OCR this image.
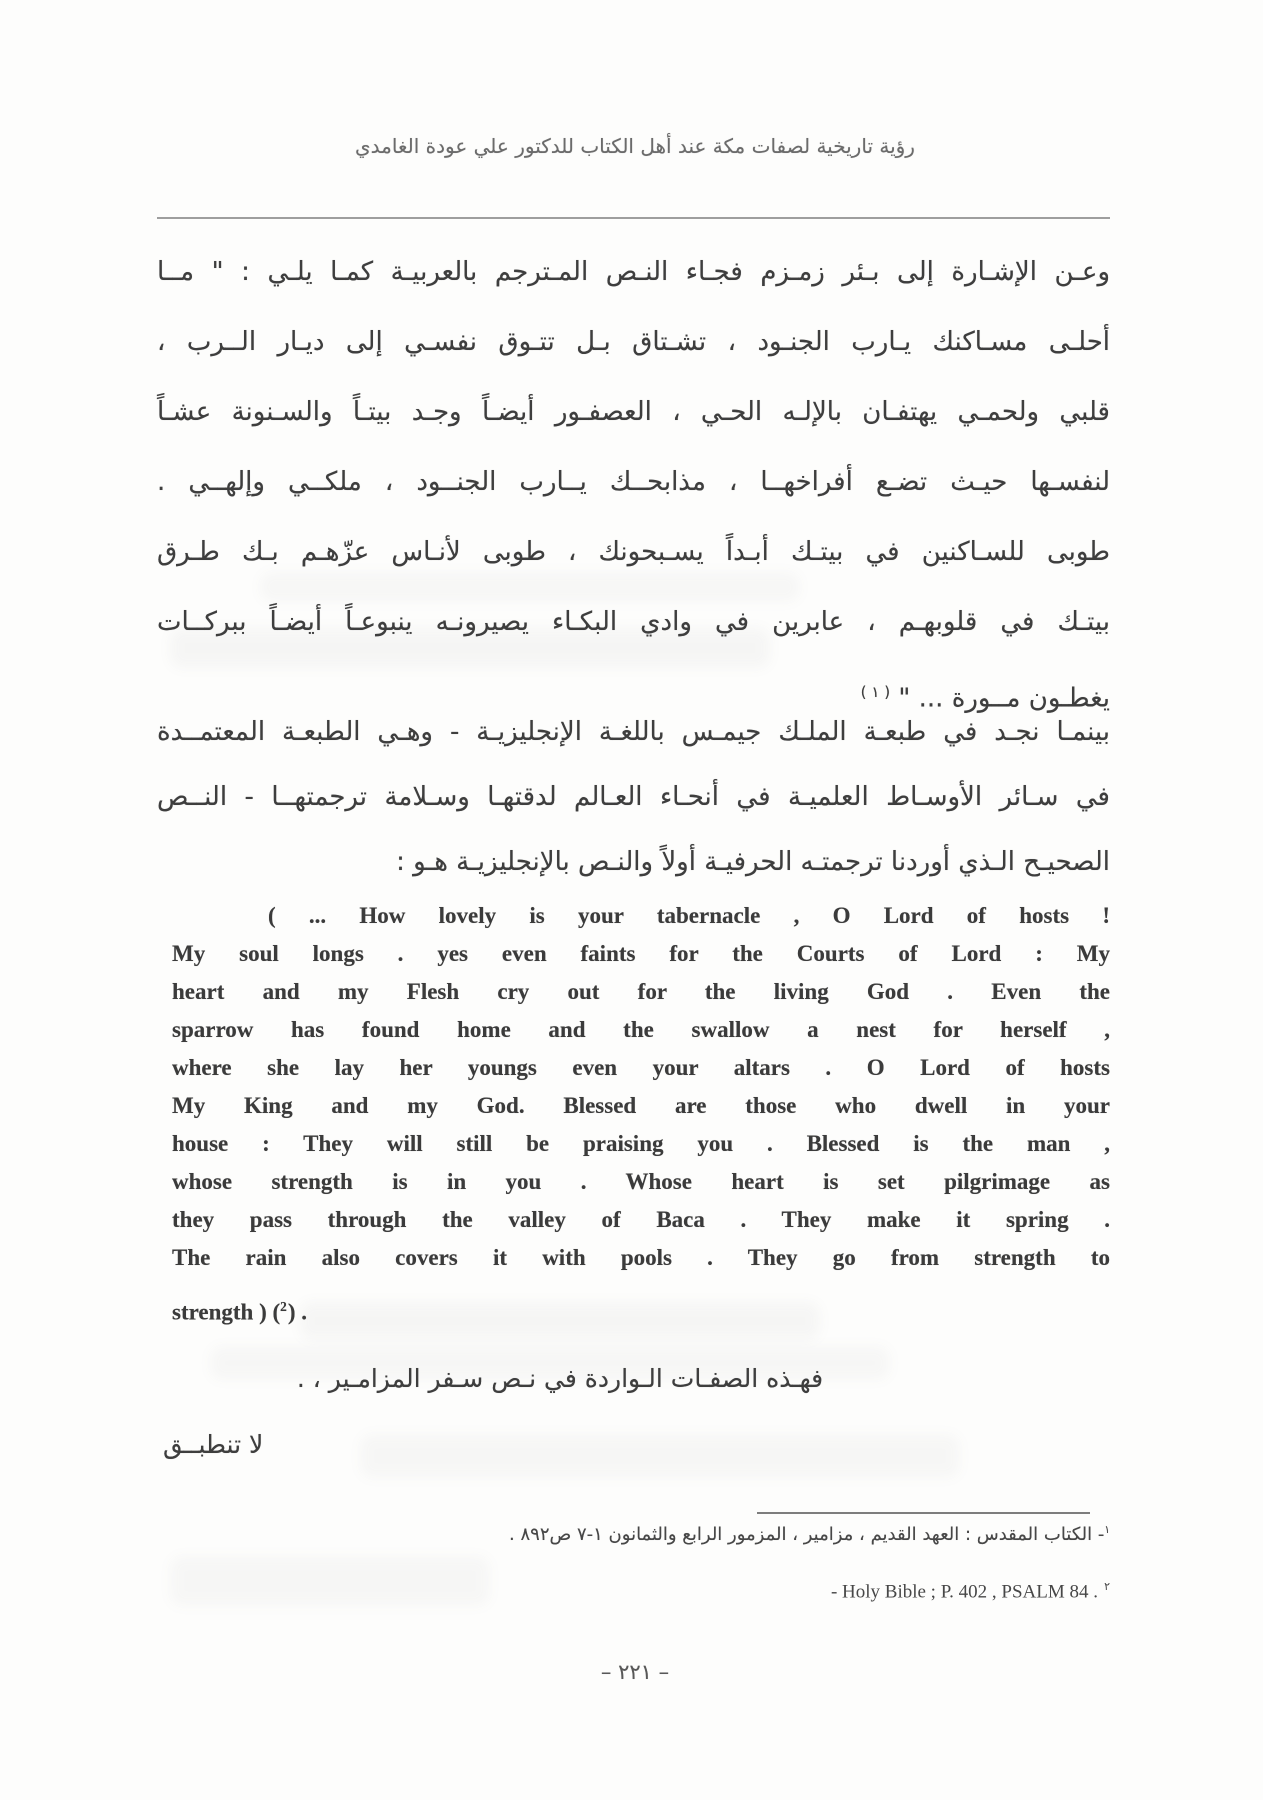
رؤية تاريخية لصفات مكة عند أهل الكتاب للدكتور علي عودة الغامدي
وعـن الإشـارة إلى بـئر زمـزم فجـاء النـص المـترجم بالعربيـة كمـا يلـي : " مــا
أحلـى مسـاكنك يـارب الجنـود ، تشـتاق بـل تتـوق نفسـي إلى ديـار الــرب ،
قلبي ولحمـي يهتفـان بالإلـه الحـي ، العصفـور أيضـاً وجـد بيتـاً والسـنونة عشـاً
لنفسـها حيـث تضـع أفراخهــا ، مذابحــك يــارب الجنــود ، ملكــي وإلهــي .
طوبى للسـاكنين في بيتـك أبـداً يسـبحونك ، طوبى لأنـاس عزّهـم بـك طـرق
بيتـك في قلوبهـم ، عابرين في وادي البكـاء يصيرونـه ينبوعـاً أيضـاً ببركــات
يغطـون مــورة ... " $^{( ١ )}$
بينمـا نجـد في طبعـة الملـك جيمـس باللغـة الإنجليزيـة - وهـي الطبعـة المعتمــدة
في سـائر الأوسـاط العلميـة في أنحـاء العـالم لدقتهـا وسـلامة ترجمتهــا - النــص
الصحيـح الـذي أوردنا ترجمتـه الحرفيـة أولاً والنـص بالإنجليزيـة هـو :
( ... How lovely is your tabernacle , O Lord of hosts !
My soul longs . yes even faints for the Courts of Lord : My
heart and my Flesh cry out for the living God . Even the
sparrow has found home and the swallow a nest for herself ,
where she lay her youngs even your altars . O Lord of hosts
My King and my God. Blessed are those who dwell in your
house : They will still be praising you . Blessed is the man ,
whose strength is in you . Whose heart is set pilgrimage as
they pass through the valley of Baca . They make it spring .
The rain also covers it with pools . They go from strength to
strength ) ($^2$) .
فهـذه الصفـات الـواردة في نـص سـفر المزامـير ، .
لا تنطبــق
$^١$- الكتاب المقدس : العهد القديم ، مزامير ، المزمور الرابع والثمانون ١-٧ ص٨٩٢ .
$^٢$ - Holy Bible ; P. 402 , PSALM 84 .
– ٢٢١ –
